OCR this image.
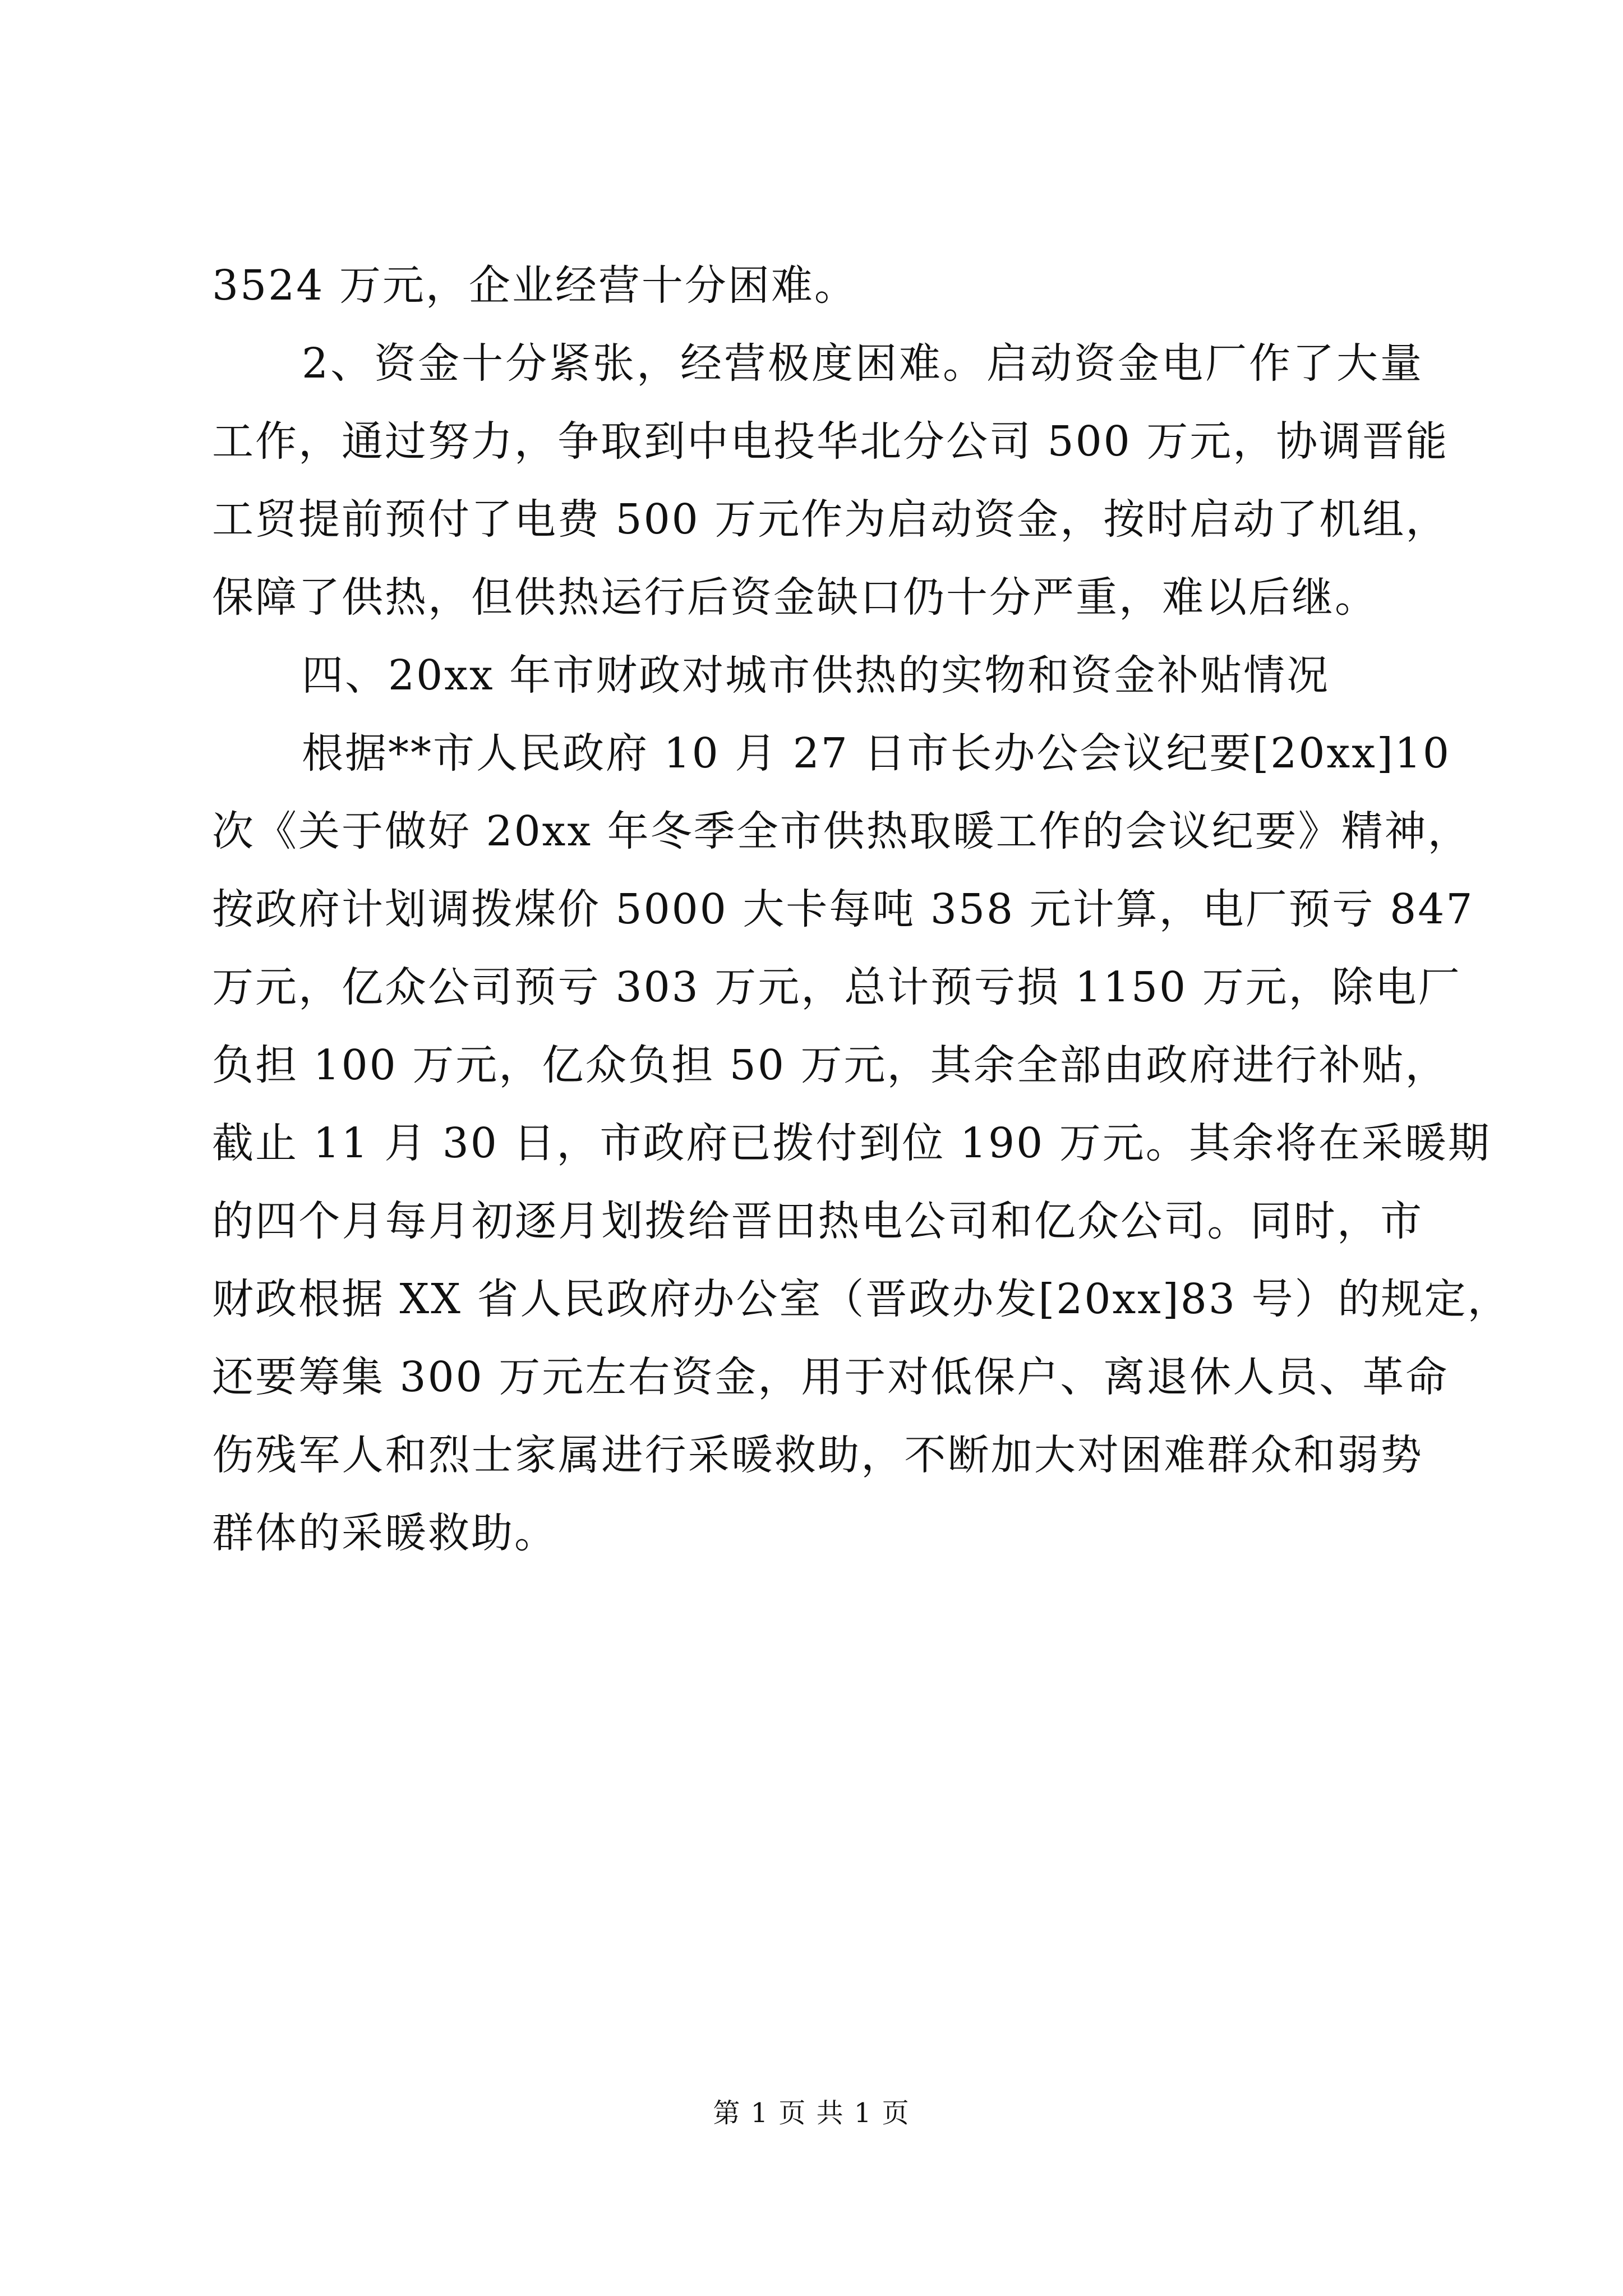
3524 万元，企业经营十分困难。
2、资金十分紧张，经营极度困难。启动资金电厂作了大量
工作，通过努力，争取到中电投华北分公司 500 万元，协调晋能
工贸提前预付了电费 500 万元作为启动资金，按时启动了机组，
保障了供热，但供热运行后资金缺口仍十分严重，难以后继。
四、20xx 年市财政对城市供热的实物和资金补贴情况
根据**市人民政府 10 月 27 日市长办公会议纪要[20xx]10
次《关于做好 20xx 年冬季全市供热取暖工作的会议纪要》精神，
按政府计划调拨煤价 5000 大卡每吨 358 元计算，电厂预亏 847
万元，亿众公司预亏 303 万元，总计预亏损 1150 万元，除电厂
负担 100 万元，亿众负担 50 万元，其余全部由政府进行补贴，
截止 11 月 30 日，市政府已拨付到位 190 万元。其余将在采暖期
的四个月每月初逐月划拨给晋田热电公司和亿众公司。同时，市
财政根据 XX 省人民政府办公室（晋政办发[20xx]83 号）的规定，
还要筹集 300 万元左右资金，用于对低保户、离退休人员、革命
伤残军人和烈士家属进行采暖救助，不断加大对困难群众和弱势
群体的采暖救助。
第 1 页 共 1 页
